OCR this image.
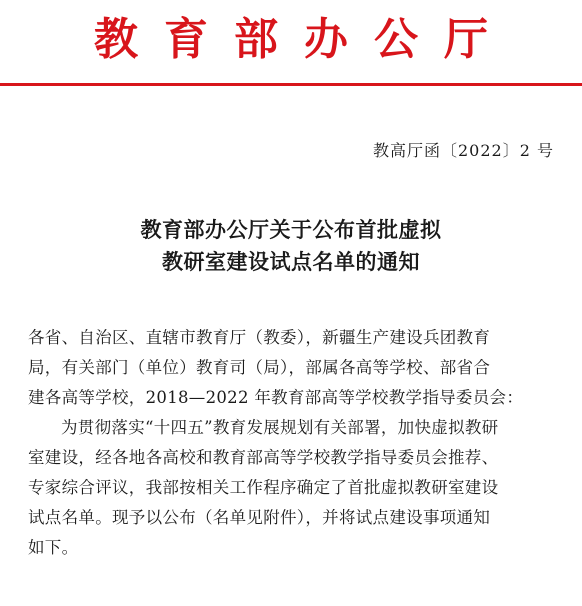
教育部办公厅
教高厅函〔2022〕2 号
教育部办公厅关于公布首批虚拟
教研室建设试点名单的通知
各省、自治区、直辖市教育厅（教委），新疆生产建设兵团教育
局，有关部门（单位）教育司（局），部属各高等学校、部省合
建各高等学校，2018—2022 年教育部高等学校教学指导委员会：
为贯彻落实“十四五”教育发展规划有关部署，加快虚拟教研
室建设，经各地各高校和教育部高等学校教学指导委员会推荐、
专家综合评议，我部按相关工作程序确定了首批虚拟教研室建设
试点名单。现予以公布（名单见附件），并将试点建设事项通知
如下。
